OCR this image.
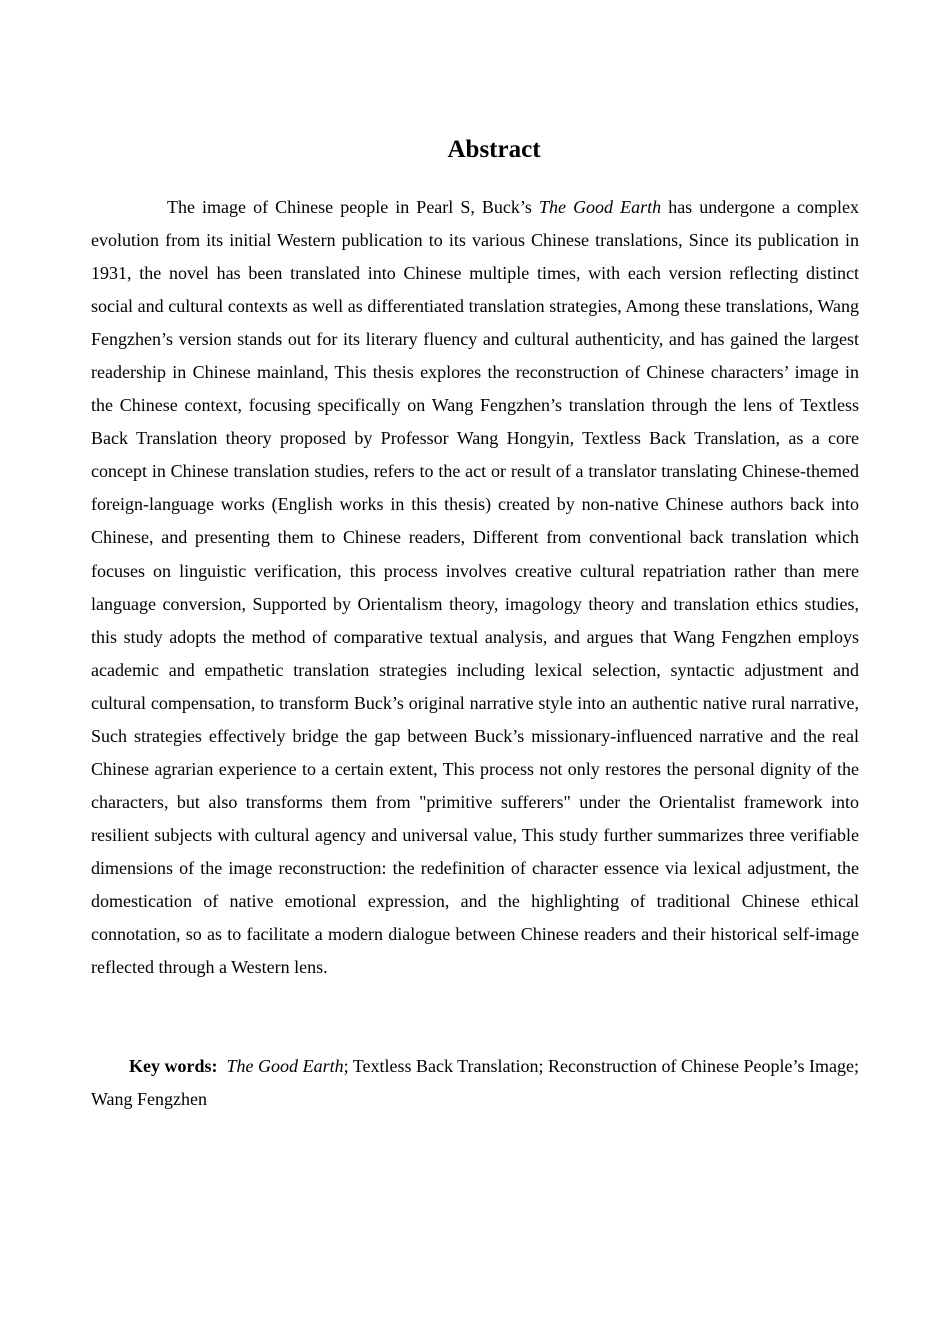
Abstract

The image of Chinese people in Pearl S, Buck’s The Good Earth has undergone a complex evolution from its initial Western publication to its various Chinese translations, Since its publication in 1931, the novel has been translated into Chinese multiple times, with each version reflecting distinct social and cultural contexts as well as differentiated translation strategies, Among these translations, Wang Fengzhen’s version stands out for its literary fluency and cultural authenticity, and has gained the largest readership in Chinese mainland, This thesis explores the reconstruction of Chinese characters’ image in the Chinese context, focusing specifically on Wang Fengzhen’s translation through the lens of Textless Back Translation theory proposed by Professor Wang Hongyin, Textless Back Translation, as a core concept in Chinese translation studies, refers to the act or result of a translator translating Chinese-themed foreign-language works (English works in this thesis) created by non-native Chinese authors back into Chinese, and presenting them to Chinese readers, Different from conventional back translation which focuses on linguistic verification, this process involves creative cultural repatriation rather than mere language conversion, Supported by Orientalism theory, imagology theory and translation ethics studies, this study adopts the method of comparative textual analysis, and argues that Wang Fengzhen employs academic and empathetic translation strategies including lexical selection, syntactic adjustment and cultural compensation, to transform Buck’s original narrative style into an authentic native rural narrative, Such strategies effectively bridge the gap between Buck’s missionary-influenced narrative and the real Chinese agrarian experience to a certain extent, This process not only restores the personal dignity of the characters, but also transforms them from "primitive sufferers" under the Orientalist framework into resilient subjects with cultural agency and universal value, This study further summarizes three verifiable dimensions of the image reconstruction: the redefinition of character essence via lexical adjustment, the domestication of native emotional expression, and the highlighting of traditional Chinese ethical connotation, so as to facilitate a modern dialogue between Chinese readers and their historical self-image reflected through a Western lens.

Key words: The Good Earth; Textless Back Translation; Reconstruction of Chinese People’s Image; Wang Fengzhen
